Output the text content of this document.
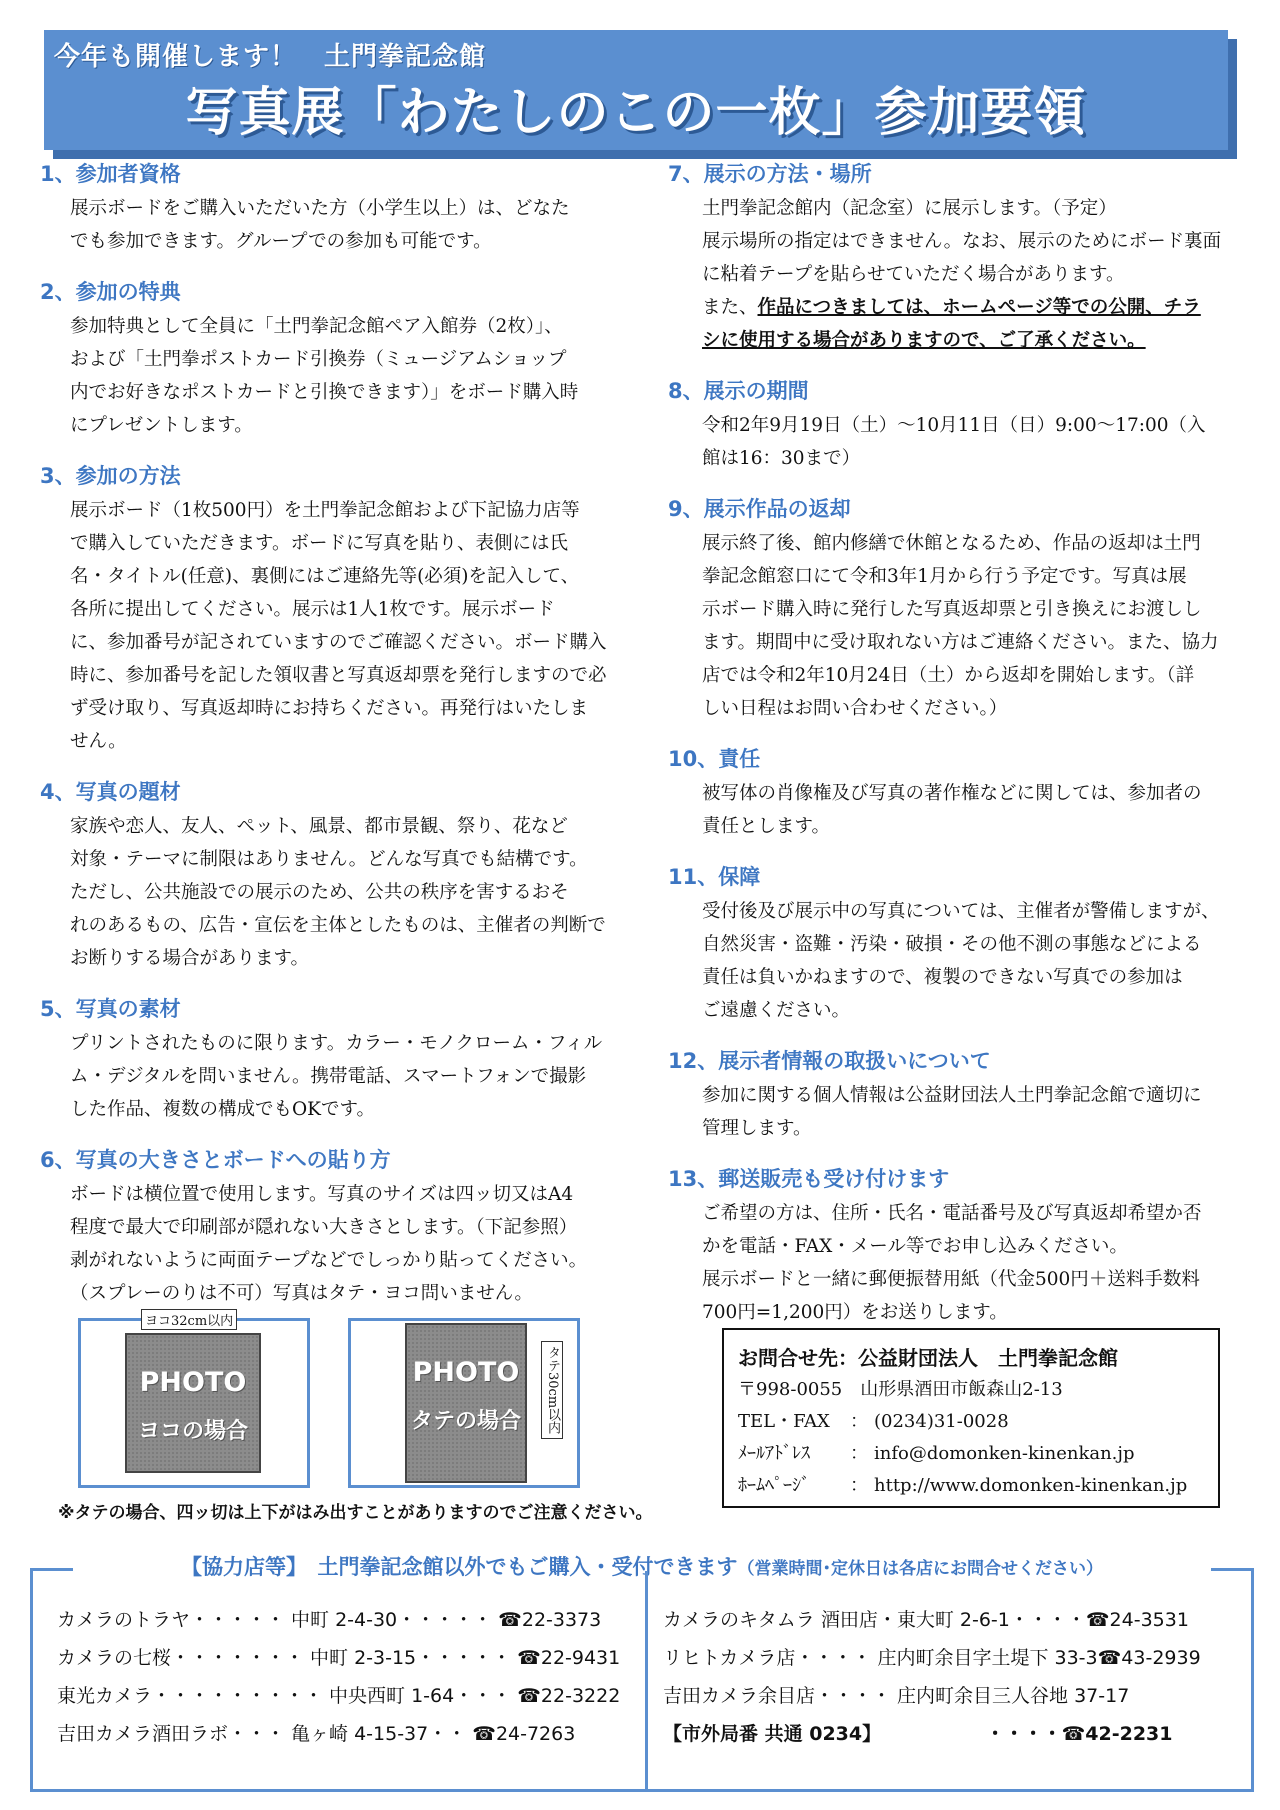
今年も開催します！　土門拳記念館
写真展「わたしのこの一枚」参加要領
1、参加者資格

展示ボードをご購入いただいた方（小学生以上）は、どなた
でも参加できます。グループでの参加も可能です。

2、参加の特典

参加特典として全員に「土門拳記念館ペア入館券（2枚）」、
および「土門拳ポストカード引換券（ミュージアムショップ
内でお好きなポストカードと引換できます）」をボード購入時
にプレゼントします。

3、参加の方法

展示ボード（1枚500円）を土門拳記念館および下記協力店等
で購入していただきます。ボードに写真を貼り、表側には氏
名・タイトル(任意)、裏側にはご連絡先等(必須)を記入して、
各所に提出してください。展示は1人1枚です。展示ボード
に、参加番号が記されていますのでご確認ください。ボード購入
時に、参加番号を記した領収書と写真返却票を発行しますので必
ず受け取り、写真返却時にお持ちください。再発行はいたしま
せん。

4、写真の題材

家族や恋人、友人、ペット、風景、都市景観、祭り、花など
対象・テーマに制限はありません。どんな写真でも結構です。
ただし、公共施設での展示のため、公共の秩序を害するおそ
れのあるもの、広告・宣伝を主体としたものは、主催者の判断で
お断りする場合があります。

5、写真の素材

プリントされたものに限ります。カラー・モノクローム・フィル
ム・デジタルを問いません。携帯電話、スマートフォンで撮影
した作品、複数の構成でもOKです。

6、写真の大きさとボードへの貼り方

ボードは横位置で使用します。写真のサイズは四ッ切又はA4
程度で最大で印刷部が隠れない大きさとします。（下記参照）
剥がれないように両面テープなどでしっかり貼ってください。
（スプレーのりは不可）写真はタテ・ヨコ問いません。

7、展示の方法・場所

土門拳記念館内（記念室）に展示します。（予定）
展示場所の指定はできません。なお、展示のためにボード裏面
に粘着テープを貼らせていただく場合があります。

また、作品につきましては、ホームページ等での公開、チラ
シに使用する場合がありますので、ご了承ください。

8、展示の期間

令和2年9月19日（土）～10月11日（日）9:00～17:00（入
館は16：30まで）

9、展示作品の返却

展示終了後、館内修繕で休館となるため、作品の返却は土門
拳記念館窓口にて令和3年1月から行う予定です。写真は展
示ボード購入時に発行した写真返却票と引き換えにお渡しし
ます。期間中に受け取れない方はご連絡ください。また、協力
店では令和2年10月24日（土）から返却を開始します。（詳
しい日程はお問い合わせください。）

10、責任

被写体の肖像権及び写真の著作権などに関しては、参加者の
責任とします。

11、保障

受付後及び展示中の写真については、主催者が警備しますが、
自然災害・盗難・汚染・破損・その他不測の事態などによる
責任は負いかねますので、複製のできない写真での参加は
ご遠慮ください。

12、展示者情報の取扱いについて

参加に関する個人情報は公益財団法人土門拳記念館で適切に
管理します。

13、郵送販売も受け付けます

ご希望の方は、住所・氏名・電話番号及び写真返却希望か否
かを電話・FAX・メール等でお申し込みください。
展示ボードと一緒に郵便振替用紙（代金500円＋送料手数料
700円=1,200円）をお送りします。

PHOTO
ヨコの場合
ヨコ32cm以内
PHOTO
タテの場合	タテ30cm以内
※タテの場合、四ッ切は上下がはみ出すことがありますのでご注意ください。
お問合せ先：公益財団法人　土門拳記念館
〒998-0055　山形県酒田市飯森山2-13
TEL・FAX	： (0234)31-0028
ﾒｰﾙｱﾄﾞﾚｽ	： info@domonken-kinenkan.jp
ﾎｰﾑﾍﾟｰｼﾞ	： http://www.domonken-kinenkan.jp
【協力店等】　土門拳記念館以外でもご購入・受付できます（営業時間･定休日は各店にお問合せください）
カメラのトラヤ・・・・・ 中町 2-4-30・・・・・ ☎22-3373
カメラの七桜・・・・・・・ 中町 2-3-15・・・・・ ☎22-9431
東光カメラ・・・・・・・・・ 中央西町 1-64・・・ ☎22-3222
吉田カメラ酒田ラボ・・・ 亀ヶ崎 4-15-37・・ ☎24-7263
カメラのキタムラ 酒田店・東大町 2-6-1・・・・☎24-3531
リヒトカメラ店・・・・ 庄内町余目字土堤下 33-3☎43-2939
吉田カメラ余目店・・・・ 庄内町余目三人谷地 37-17
【市外局番 共通 0234】　　　　　　・・・・☎42-2231
